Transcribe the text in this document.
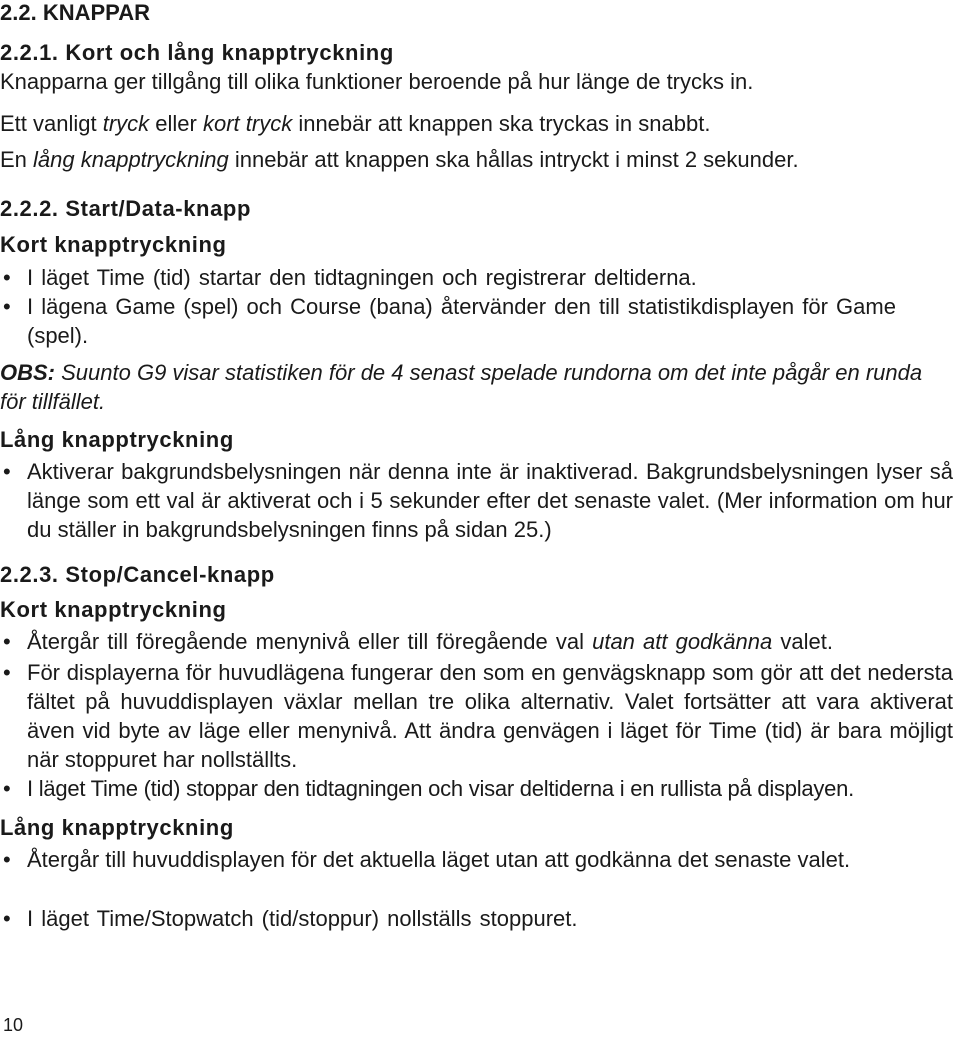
2.2. KNAPPAR
2.2.1. Kort och lång knapptryckning
Knapparna ger tillgång till olika funktioner beroende på hur länge de trycks in.
Ett vanligt tryck eller kort tryck innebär att knappen ska tryckas in snabbt.
En lång knapptryckning innebär att knappen ska hållas intryckt i minst 2 sekunder.
2.2.2. Start/Data-knapp
Kort knapptryckning
• I läget Time (tid) startar den tidtagningen och registrerar deltiderna.
• I lägena Game (spel) och Course (bana) återvänder den till statistikdisplayen för Game (spel).
OBS: Suunto G9 visar statistiken för de 4 senast spelade rundorna om det inte pågår en runda för tillfället.
Lång knapptryckning
• Aktiverar bakgrundsbelysningen när denna inte är inaktiverad. Bakgrundsbelysningen lyser så länge som ett val är aktiverat och i 5 sekunder efter det senaste valet. (Mer information om hur du ställer in bakgrundsbelysningen finns på sidan 25.)
2.2.3. Stop/Cancel-knapp
Kort knapptryckning
• Återgår till föregående menynivå eller till föregående val utan att godkänna valet.
• För displayerna för huvudlägena fungerar den som en genvägsknapp som gör att det nedersta fältet på huvuddisplayen växlar mellan tre olika alternativ. Valet fortsätter att vara aktiverat även vid byte av läge eller menynivå. Att ändra genvägen i läget för Time (tid) är bara möjligt när stoppuret har nollställts.
• I läget Time (tid) stoppar den tidtagningen och visar deltiderna i en rullista på displayen.
Lång knapptryckning
• Återgår till huvuddisplayen för det aktuella läget utan att godkänna det senaste valet.
• I läget Time/Stopwatch (tid/stoppur) nollställs stoppuret.
10
